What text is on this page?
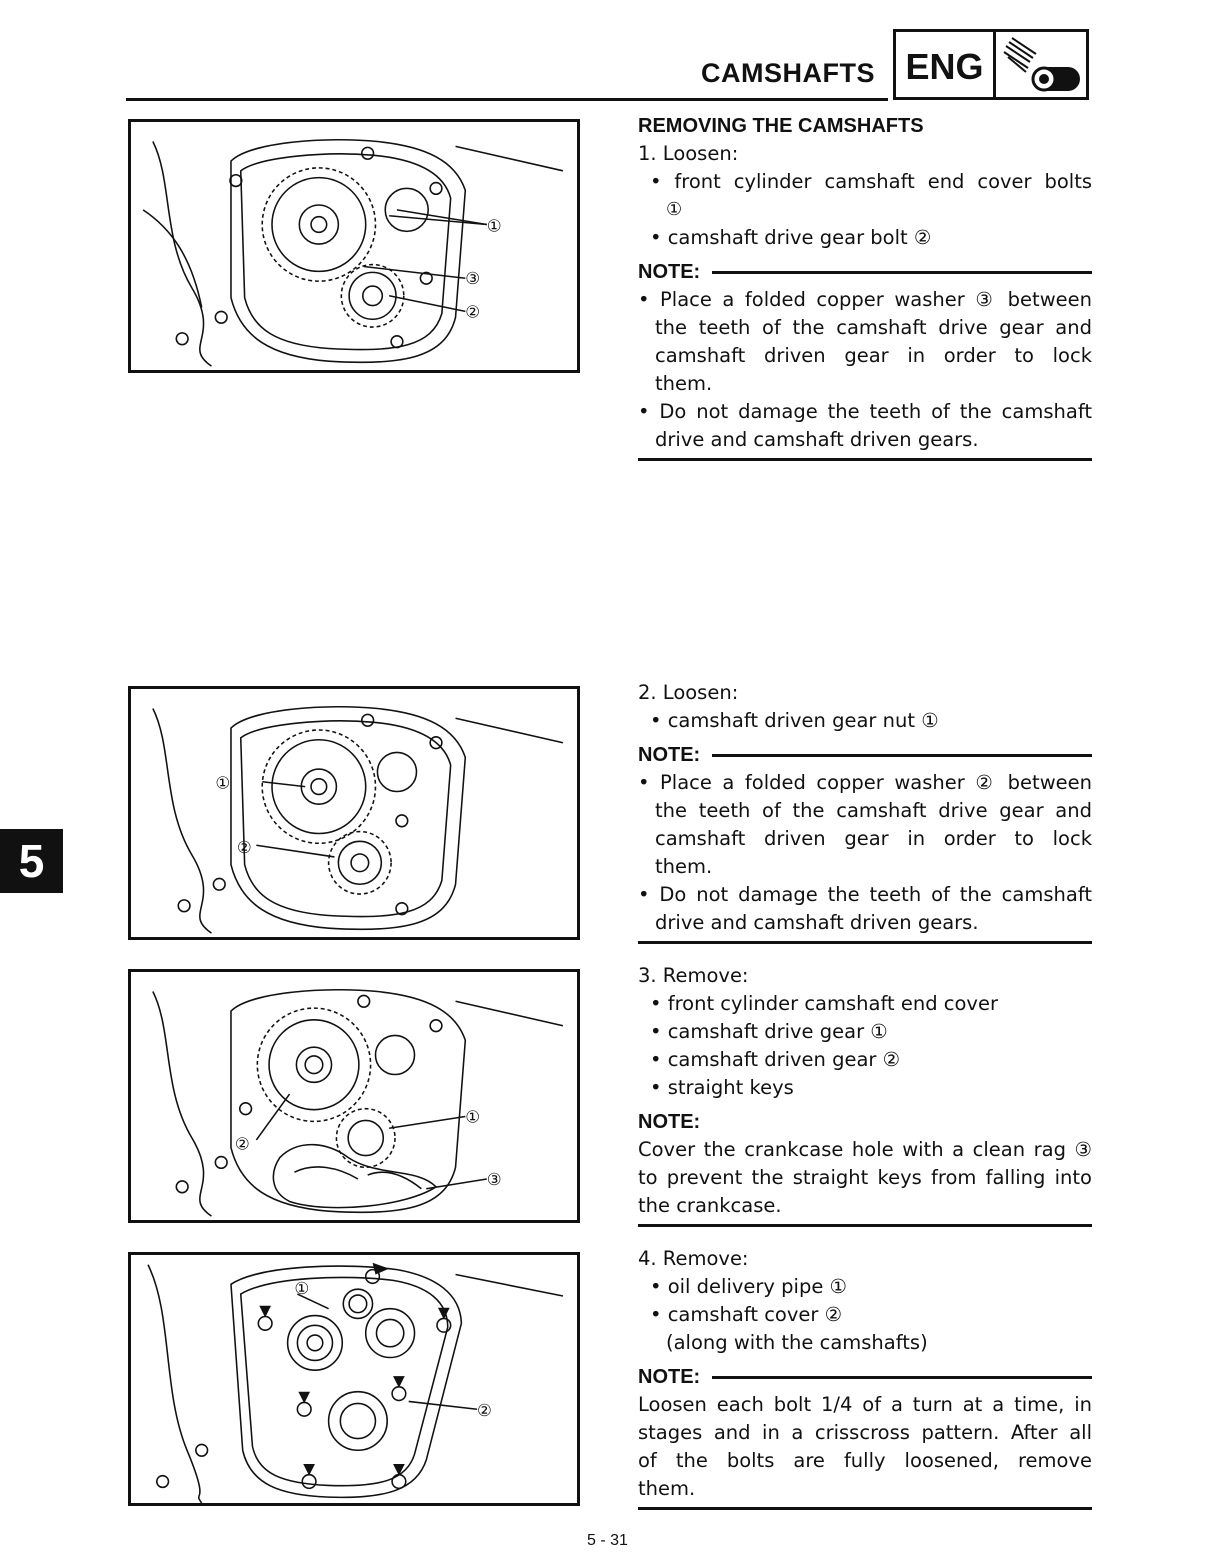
CAMSHAFTS ENG
①
③
②
①
②
①
②
③
①
②
REMOVING THE CAMSHAFTS
1. Loosen:
• front cylinder camshaft end cover bolts
①
• camshaft drive gear bolt ②
NOTE:
• Place a folded copper washer ③ between
the teeth of the camshaft drive gear and
camshaft driven gear in order to lock
them.
• Do not damage the teeth of the camshaft
drive and camshaft driven gears.
2. Loosen:
• camshaft driven gear nut ①
NOTE:
• Place a folded copper washer ② between
the teeth of the camshaft drive gear and
camshaft driven gear in order to lock
them.
• Do not damage the teeth of the camshaft
drive and camshaft driven gears.
3. Remove:
• front cylinder camshaft end cover
• camshaft drive gear ①
• camshaft driven gear ②
• straight keys
NOTE:
Cover the crankcase hole with a clean rag ③
to prevent the straight keys from falling into
the crankcase.
4. Remove:
• oil delivery pipe ①
• camshaft cover ②
(along with the camshafts)
NOTE:
Loosen each bolt 1/4 of a turn at a time, in
stages and in a crisscross pattern. After all
of the bolts are fully loosened, remove
them.
5
5 - 31
